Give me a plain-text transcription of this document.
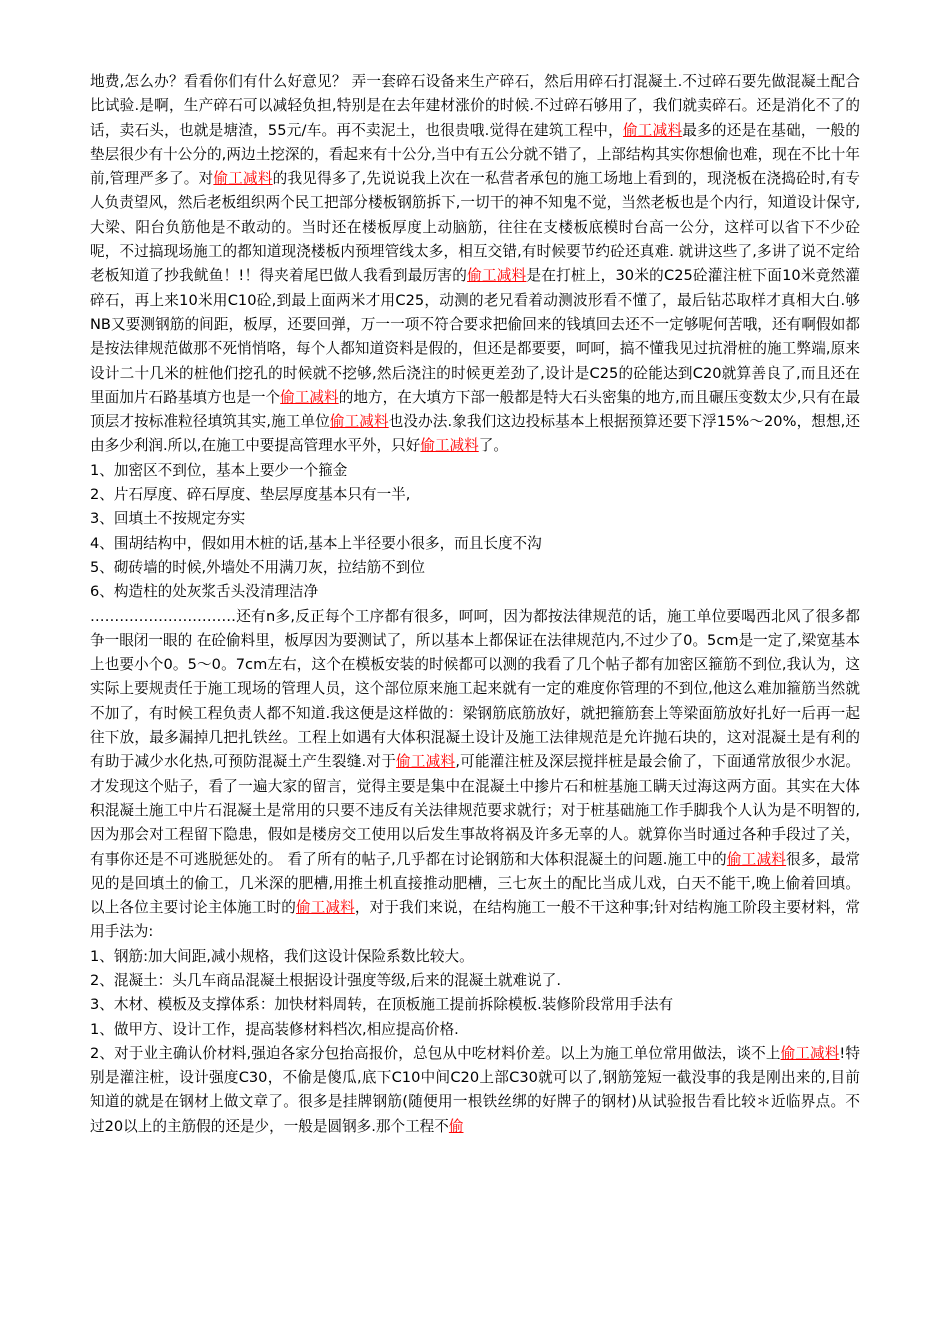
地费,怎么办？看看你们有什么好意见？ 弄一套碎石设备来生产碎石，然后用碎石打混凝土.不过碎石要先做混凝土配合比试验.是啊，生产碎石可以减轻负担,特别是在去年建材涨价的时候.不过碎石够用了，我们就卖碎石。还是消化不了的话，卖石头，也就是塘渣，55元/车。再不卖泥土，也很贵哦.觉得在建筑工程中，偷工减料最多的还是在基础，一般的垫层很少有十公分的,两边土挖深的，看起来有十公分,当中有五公分就不错了，上部结构其实你想偷也难，现在不比十年前,管理严多了。对偷工减料的我见得多了,先说说我上次在一私营者承包的施工场地上看到的，现浇板在浇捣砼时,有专人负责望风，然后老板组织两个民工把部分楼板钢筋拆下,一切干的神不知鬼不觉，当然老板也是个内行，知道设计保守,大梁、阳台负筋他是不敢动的。当时还在楼板厚度上动脑筋，往往在支楼板底模时台高一公分，这样可以省下不少砼呢，不过搞现场施工的都知道现浇楼板内预埋管线太多，相互交错,有时候要节约砼还真难. 就讲这些了,多讲了说不定给老板知道了抄我鱿鱼！!！得夹着尾巴做人我看到最厉害的偷工减料是在打桩上，30米的C25砼灌注桩下面10米竟然灌碎石，再上来10米用C10砼,到最上面两米才用C25，动测的老兄看着动测波形看不懂了，最后钻芯取样才真相大白.够NB又要测钢筋的间距，板厚，还要回弹，万一一项不符合要求把偷回来的钱填回去还不一定够呢何苦哦，还有啊假如都是按法律规范做那不死悄悄咯，每个人都知道资料是假的，但还是都要要，呵呵，搞不懂我见过抗滑桩的施工弊端,原来设计二十几米的桩他们挖孔的时候就不挖够,然后浇注的时候更差劲了,设计是C25的砼能达到C20就算善良了,而且还在里面加片石路基填方也是一个偷工减料的地方，在大填方下部一般都是特大石头密集的地方,而且碾压变数太少,只有在最顶层才按标准粒径填筑其实,施工单位偷工减料也没办法.象我们这边投标基本上根据预算还要下浮15%～20%，想想,还由多少利润.所以,在施工中要提高管理水平外，只好偷工减料了。

1、加密区不到位，基本上要少一个箍金

2、片石厚度、碎石厚度、垫层厚度基本只有一半,

3、回填土不按规定夯实

4、围胡结构中，假如用木桩的话,基本上半径要小很多，而且长度不沟

5、砌砖墙的时候,外墙处不用满刀灰，拉结筋不到位

6、构造柱的处灰浆舌头没清理洁净

…………………………还有n多,反正每个工序都有很多，呵呵，因为都按法律规范的话，施工单位要喝西北风了很多都争一眼闭一眼的 在砼偷料里，板厚因为要测试了，所以基本上都保证在法律规范内,不过少了0。5cm是一定了,梁宽基本上也要小个0。5～0。7cm左右，这个在模板安装的时候都可以测的我看了几个帖子都有加密区箍筋不到位,我认为，这实际上要规责任于施工现场的管理人员，这个部位原来施工起来就有一定的难度你管理的不到位,他这么难加箍筋当然就不加了，有时候工程负责人都不知道.我这便是这样做的：梁钢筋底筋放好，就把箍筋套上等梁面筋放好扎好一后再一起往下放，最多漏掉几把扎铁丝。工程上如遇有大体积混凝土设计及施工法律规范是允许抛石块的，这对混凝土是有利的有助于减少水化热,可预防混凝土产生裂缝.对于偷工减料,可能灌注桩及深层搅拌桩是最会偷了，下面通常放很少水泥。才发现这个贴子，看了一遍大家的留言，觉得主要是集中在混凝土中掺片石和桩基施工瞒天过海这两方面。其实在大体积混凝土施工中片石混凝土是常用的只要不违反有关法律规范要求就行；对于桩基础施工作手脚我个人认为是不明智的,因为那会对工程留下隐患，假如是楼房交工使用以后发生事故将祸及许多无辜的人。就算你当时通过各种手段过了关，有事你还是不可逃脱惩处的。 看了所有的帖子,几乎都在讨论钢筋和大体积混凝土的问题.施工中的偷工减料很多，最常见的是回填土的偷工，几米深的肥槽,用推土机直接推动肥槽，三七灰土的配比当成儿戏，白天不能干,晚上偷着回填。 以上各位主要讨论主体施工时的偷工减料，对于我们来说，在结构施工一般不干这种事;针对结构施工阶段主要材料，常用手法为:

1、钢筋:加大间距,减小规格，我们这设计保险系数比较大。

2、混凝土：头几车商品混凝土根据设计强度等级,后来的混凝土就难说了.

3、木材、模板及支撑体系：加快材料周转，在顶板施工提前拆除模板.装修阶段常用手法有

1、做甲方、设计工作，提高装修材料档次,相应提高价格.

2、对于业主确认价材料,强迫各家分包抬高报价，总包从中吃材料价差。以上为施工单位常用做法，谈不上偷工减料!特别是灌注桩，设计强度C30，不偷是傻瓜,底下C10中间C20上部C30就可以了,钢筋笼短一截没事的我是刚出来的,目前知道的就是在钢材上做文章了。很多是挂牌钢筋(随便用一根铁丝绑的好牌子的钢材)从试验报告看比较＊近临界点。不过20以上的主筋假的还是少，一般是圆钢多.那个工程不偷
